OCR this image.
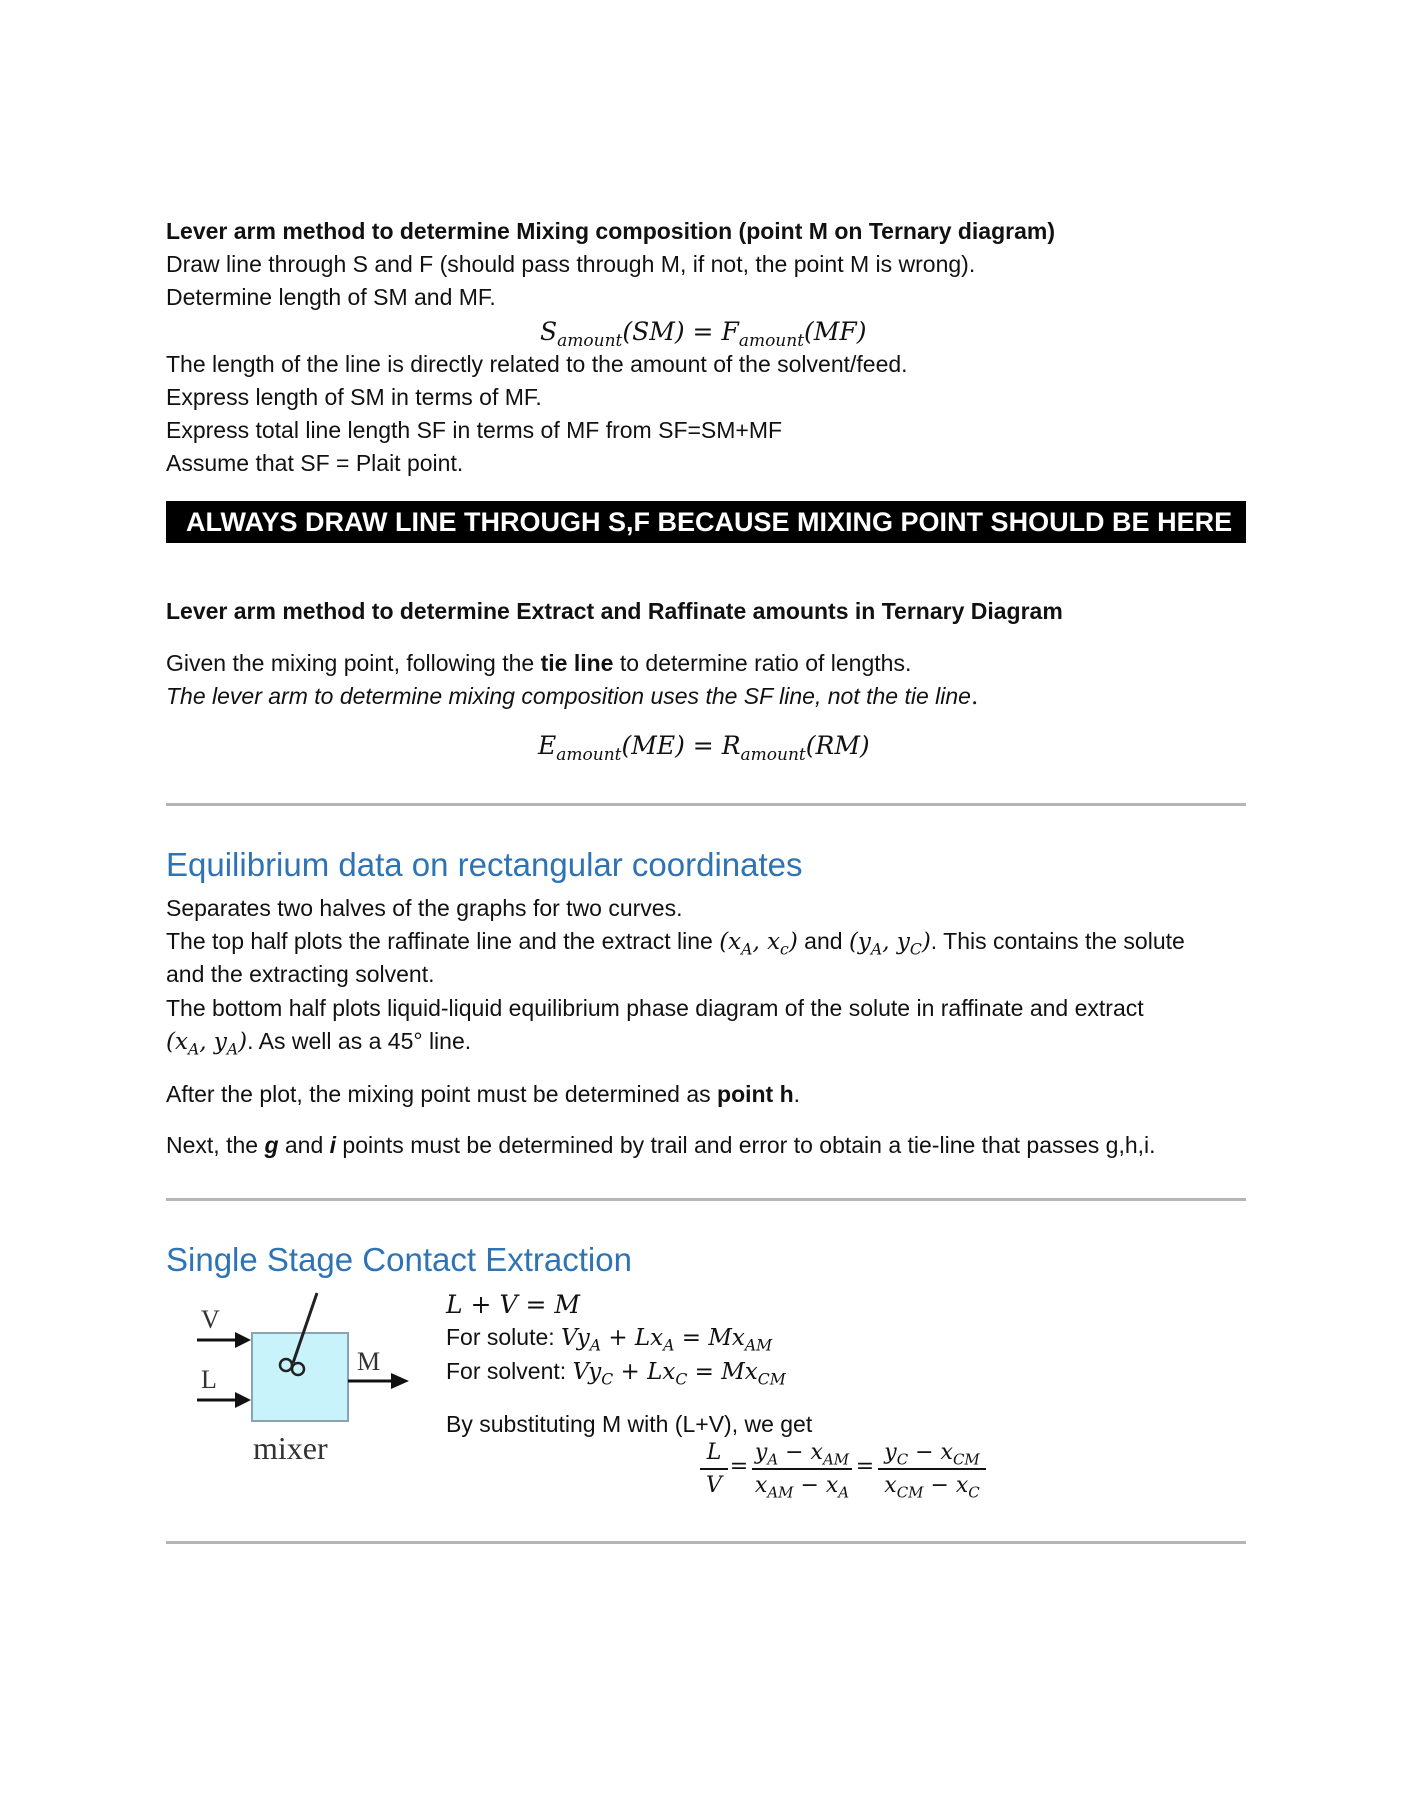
Lever arm method to determine Mixing composition (point M on Ternary diagram)
Draw line through S and F (should pass through M, if not, the point M is wrong).
Determine length of SM and MF.
$S_{amount}(SM) = F_{amount}(MF)$
The length of the line is directly related to the amount of the solvent/feed.
Express length of SM in terms of MF.
Express total line length SF in terms of MF from SF=SM+MF
Assume that SF = Plait point.
ALWAYS DRAW LINE THROUGH S,F BECAUSE MIXING POINT SHOULD BE HERE
Lever arm method to determine Extract and Raffinate amounts in Ternary Diagram
Given the mixing point, following the tie line to determine ratio of lengths.
The lever arm to determine mixing composition uses the SF line, not the tie line.
$E_{amount}(ME) = R_{amount}(RM)$
Equilibrium data on rectangular coordinates
Separates two halves of the graphs for two curves.
The top half plots the raffinate line and the extract line ($x_A$, $x_c$) and ($y_A$, $y_C$). This contains the solute
and the extracting solvent.
The bottom half plots liquid-liquid equilibrium phase diagram of the solute in raffinate and extract
($x_A$, $y_A$). As well as a 45° line.
After the plot, the mixing point must be determined as point h.
Next, the g and i points must be determined by trail and error to obtain a tie-line that passes g,h,i.
Single Stage Contact Extraction
V
L
M
mixer
L + V = M
For solute: $Vy_A + Lx_A = Mx_{AM}$
For solvent: $Vy_C + Lx_C = Mx_{CM}$
By substituting M with (L+V), we get
L
V
=
$y_A - x_{AM}$
$x_{AM} - x_A$
=
$y_C - x_{CM}$
$x_{CM} - x_C$
